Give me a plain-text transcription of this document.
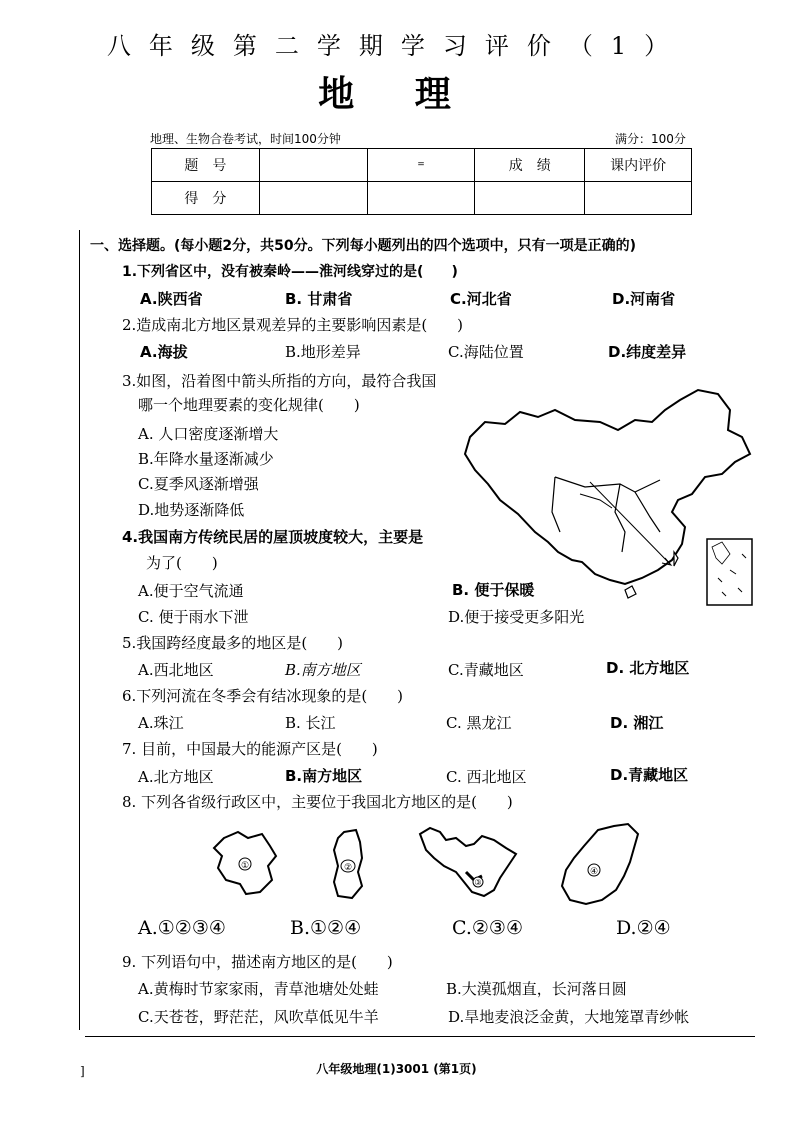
八年级第二学期学习评价（1）
地 理
地理、生物合卷考试，时间100分钟	满分：100分
题　号		=	成　绩	课内评价
得　分				
一、选择题。(每小题2分，共50分。下列每小题列出的四个选项中，只有一项是正确的)
1.下列省区中，没有被秦岭——淮河线穿过的是(　　)
A.陕西省	B. 甘肃省	C.河北省	D.河南省
2.造成南北方地区景观差异的主要影响因素是(　　)
A.海拔	B.地形差异	C.海陆位置	D.纬度差异
3.如图，沿着图中箭头所指的方向，最符合我国
哪一个地理要素的变化规律(　　)
A. 人口密度逐渐增大
B.年降水量逐渐减少
C.夏季风逐渐增强
D.地势逐渐降低
4.我国南方传统民居的屋顶坡度较大，主要是
为了(　　)
A.便于空气流通	B. 便于保暖
C. 便于雨水下泄	D.便于接受更多阳光
5.我国跨经度最多的地区是(　　)
A.西北地区	B.南方地区	C.青藏地区	D. 北方地区
6.下列河流在冬季会有结冰现象的是(　　)
A.珠江	B. 长江	C. 黑龙江	D. 湘江
7. 目前，中国最大的能源产区是(　　)
A.北方地区	B.南方地区	C. 西北地区	D.青藏地区
8. 下列各省级行政区中，主要位于我国北方地区的是(　　)
①	②
③
④
A.①②③④	B.①②④	C.②③④	D.②④
9. 下列语句中，描述南方地区的是(　　)
A.黄梅时节家家雨，青草池塘处处蛙	B.大漠孤烟直，长河落日圆
C.天苍苍，野茫茫，风吹草低见牛羊	D.旱地麦浪泛金黄，大地笼罩青纱帐
]	八年级地理(1)3001 (第1页)
